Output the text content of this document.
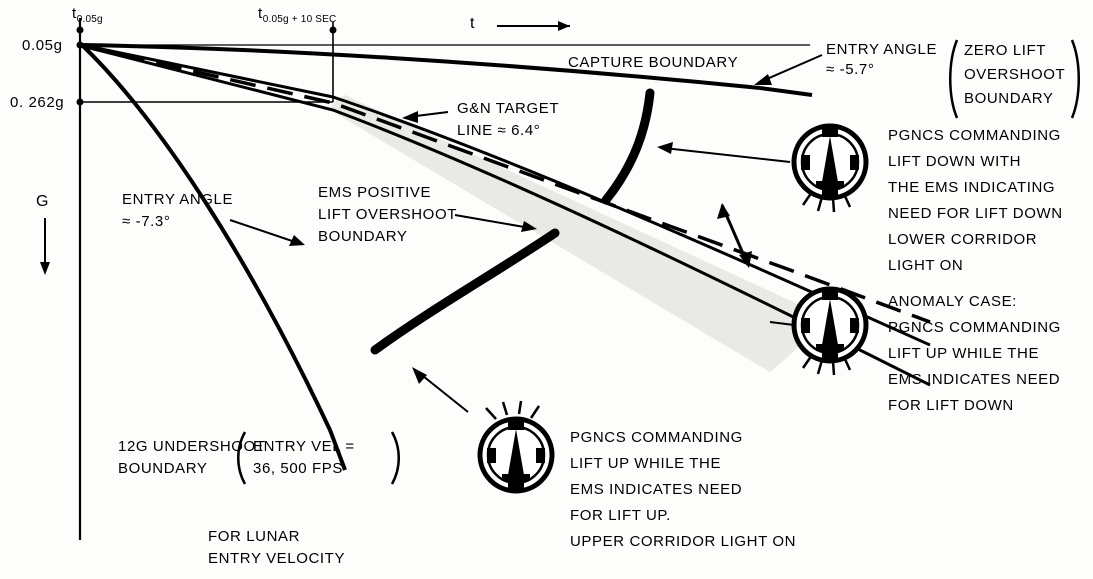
0.05g
0. 262g
$t_{0.05g}$	$t_{0.05g + 10 SEC}$	t
G
CAPTURE BOUNDARY
ENTRY ANGLE
≈ -5.7°
ZERO LIFT
OVERSHOOT
BOUNDARY
G&N TARGET
LINE ≈ 6.4°
ENTRY ANGLE
≈ -7.3°
EMS POSITIVE
LIFT OVERSHOOT
BOUNDARY
12G UNDERSHOOT
BOUNDARY
ENTRY VEL =
36, 500 FPS
FOR LUNAR
ENTRY VELOCITY
PGNCS COMMANDING
LIFT DOWN WITH
THE EMS INDICATING
NEED FOR LIFT DOWN
LOWER CORRIDOR
LIGHT ON
ANOMALY CASE:
PGNCS COMMANDING
LIFT UP WHILE THE
EMS INDICATES NEED
FOR LIFT DOWN
PGNCS COMMANDING
LIFT UP WHILE THE
EMS INDICATES NEED
FOR LIFT UP.
UPPER CORRIDOR LIGHT ON
